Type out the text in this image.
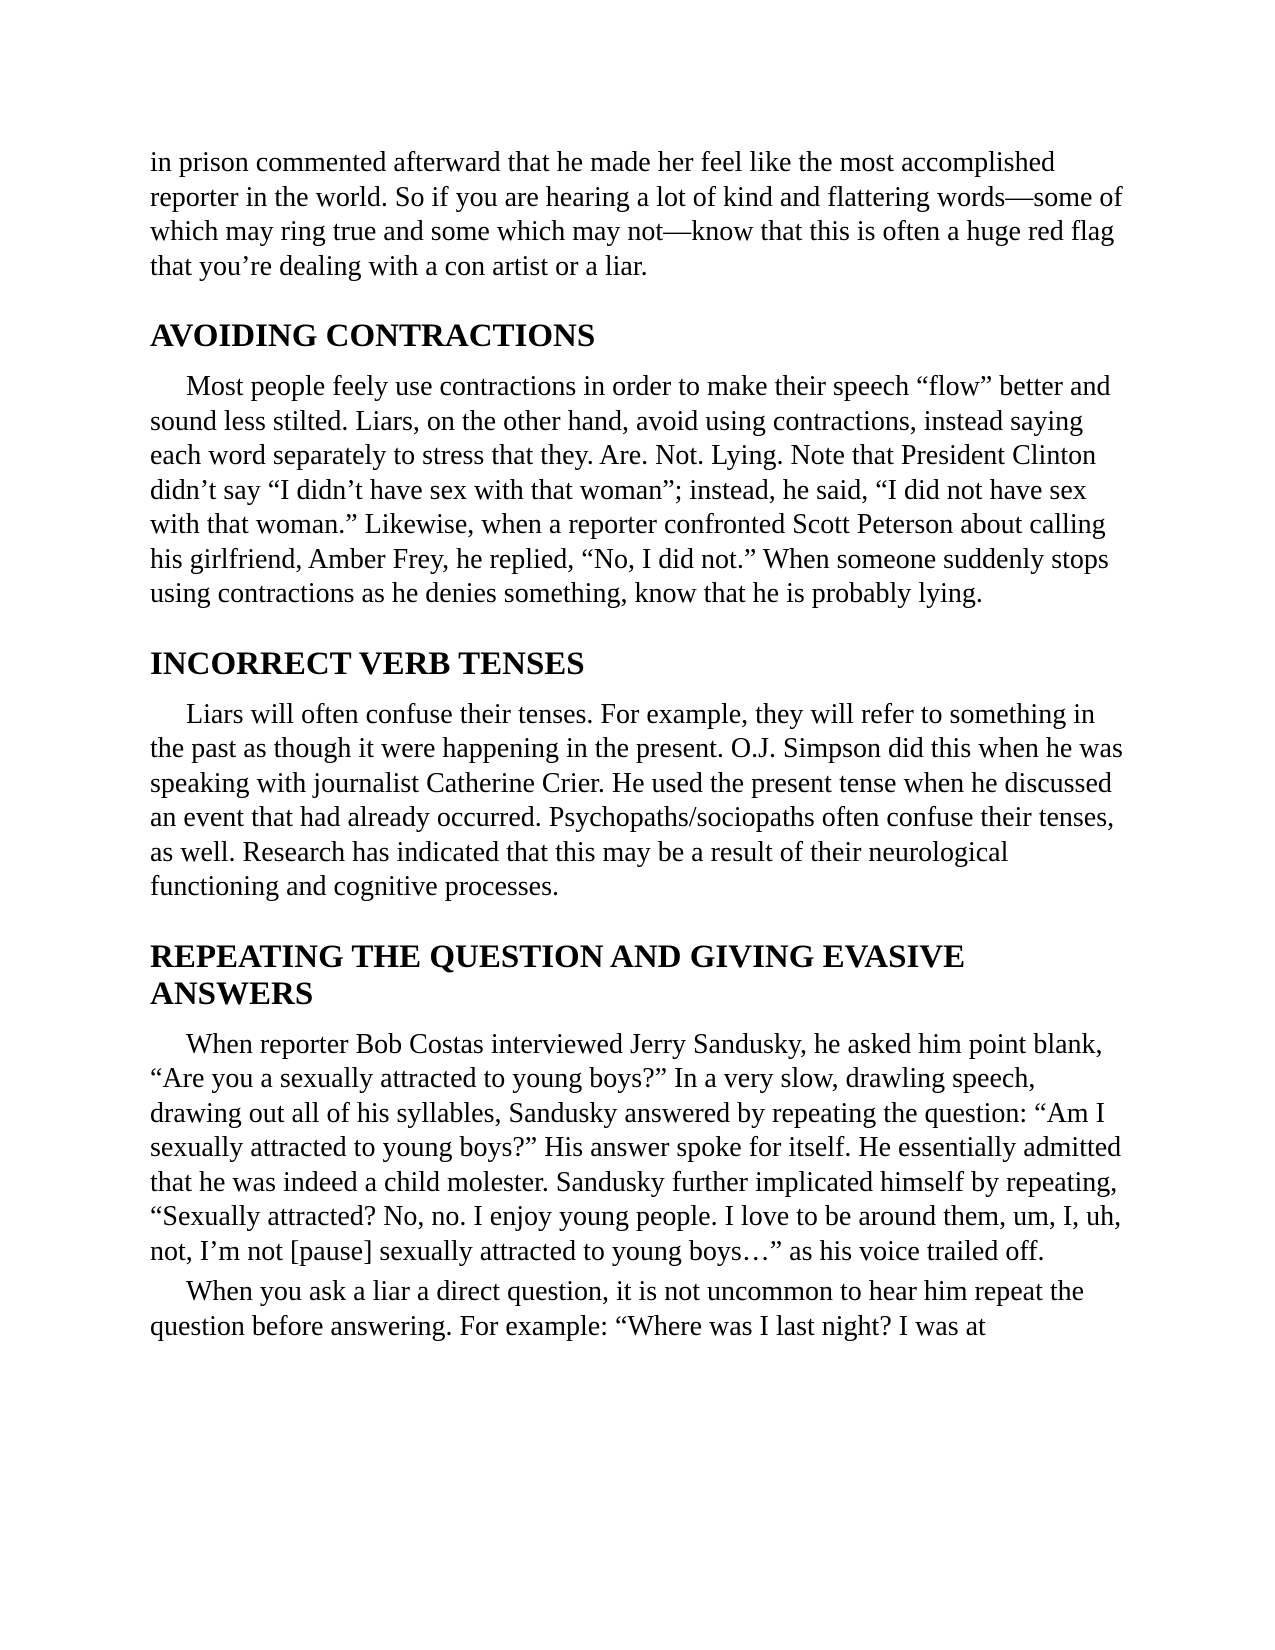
in prison commented afterward that he made her feel like the most accomplished reporter in the world. So if you are hearing a lot of kind and flattering words—some of which may ring true and some which may not—know that this is often a huge red flag that you’re dealing with a con artist or a liar.

AVOIDING CONTRACTIONS

Most people feely use contractions in order to make their speech “flow” better and sound less stilted. Liars, on the other hand, avoid using contractions, instead saying each word separately to stress that they. Are. Not. Lying. Note that President Clinton didn’t say “I didn’t have sex with that woman”; instead, he said, “I did not have sex with that woman.” Likewise, when a reporter confronted Scott Peterson about calling his girlfriend, Amber Frey, he replied, “No, I did not.” When someone suddenly stops using contractions as he denies something, know that he is probably lying.

INCORRECT VERB TENSES

Liars will often confuse their tenses. For example, they will refer to something in the past as though it were happening in the present. O.J. Simpson did this when he was speaking with journalist Catherine Crier. He used the present tense when he discussed an event that had already occurred. Psychopaths/sociopaths often confuse their tenses, as well. Research has indicated that this may be a result of their neurological functioning and cognitive processes.

REPEATING THE QUESTION AND GIVING EVASIVE ANSWERS

When reporter Bob Costas interviewed Jerry Sandusky, he asked him point blank, “Are you a sexually attracted to young boys?” In a very slow, drawling speech, drawing out all of his syllables, Sandusky answered by repeating the question: “Am I sexually attracted to young boys?” His answer spoke for itself. He essentially admitted that he was indeed a child molester. Sandusky further implicated himself by repeating, “Sexually attracted? No, no. I enjoy young people. I love to be around them, um, I, uh, not, I’m not [pause] sexually attracted to young boys…” as his voice trailed off.

When you ask a liar a direct question, it is not uncommon to hear him repeat the question before answering. For example: “Where was I last night? I was at
